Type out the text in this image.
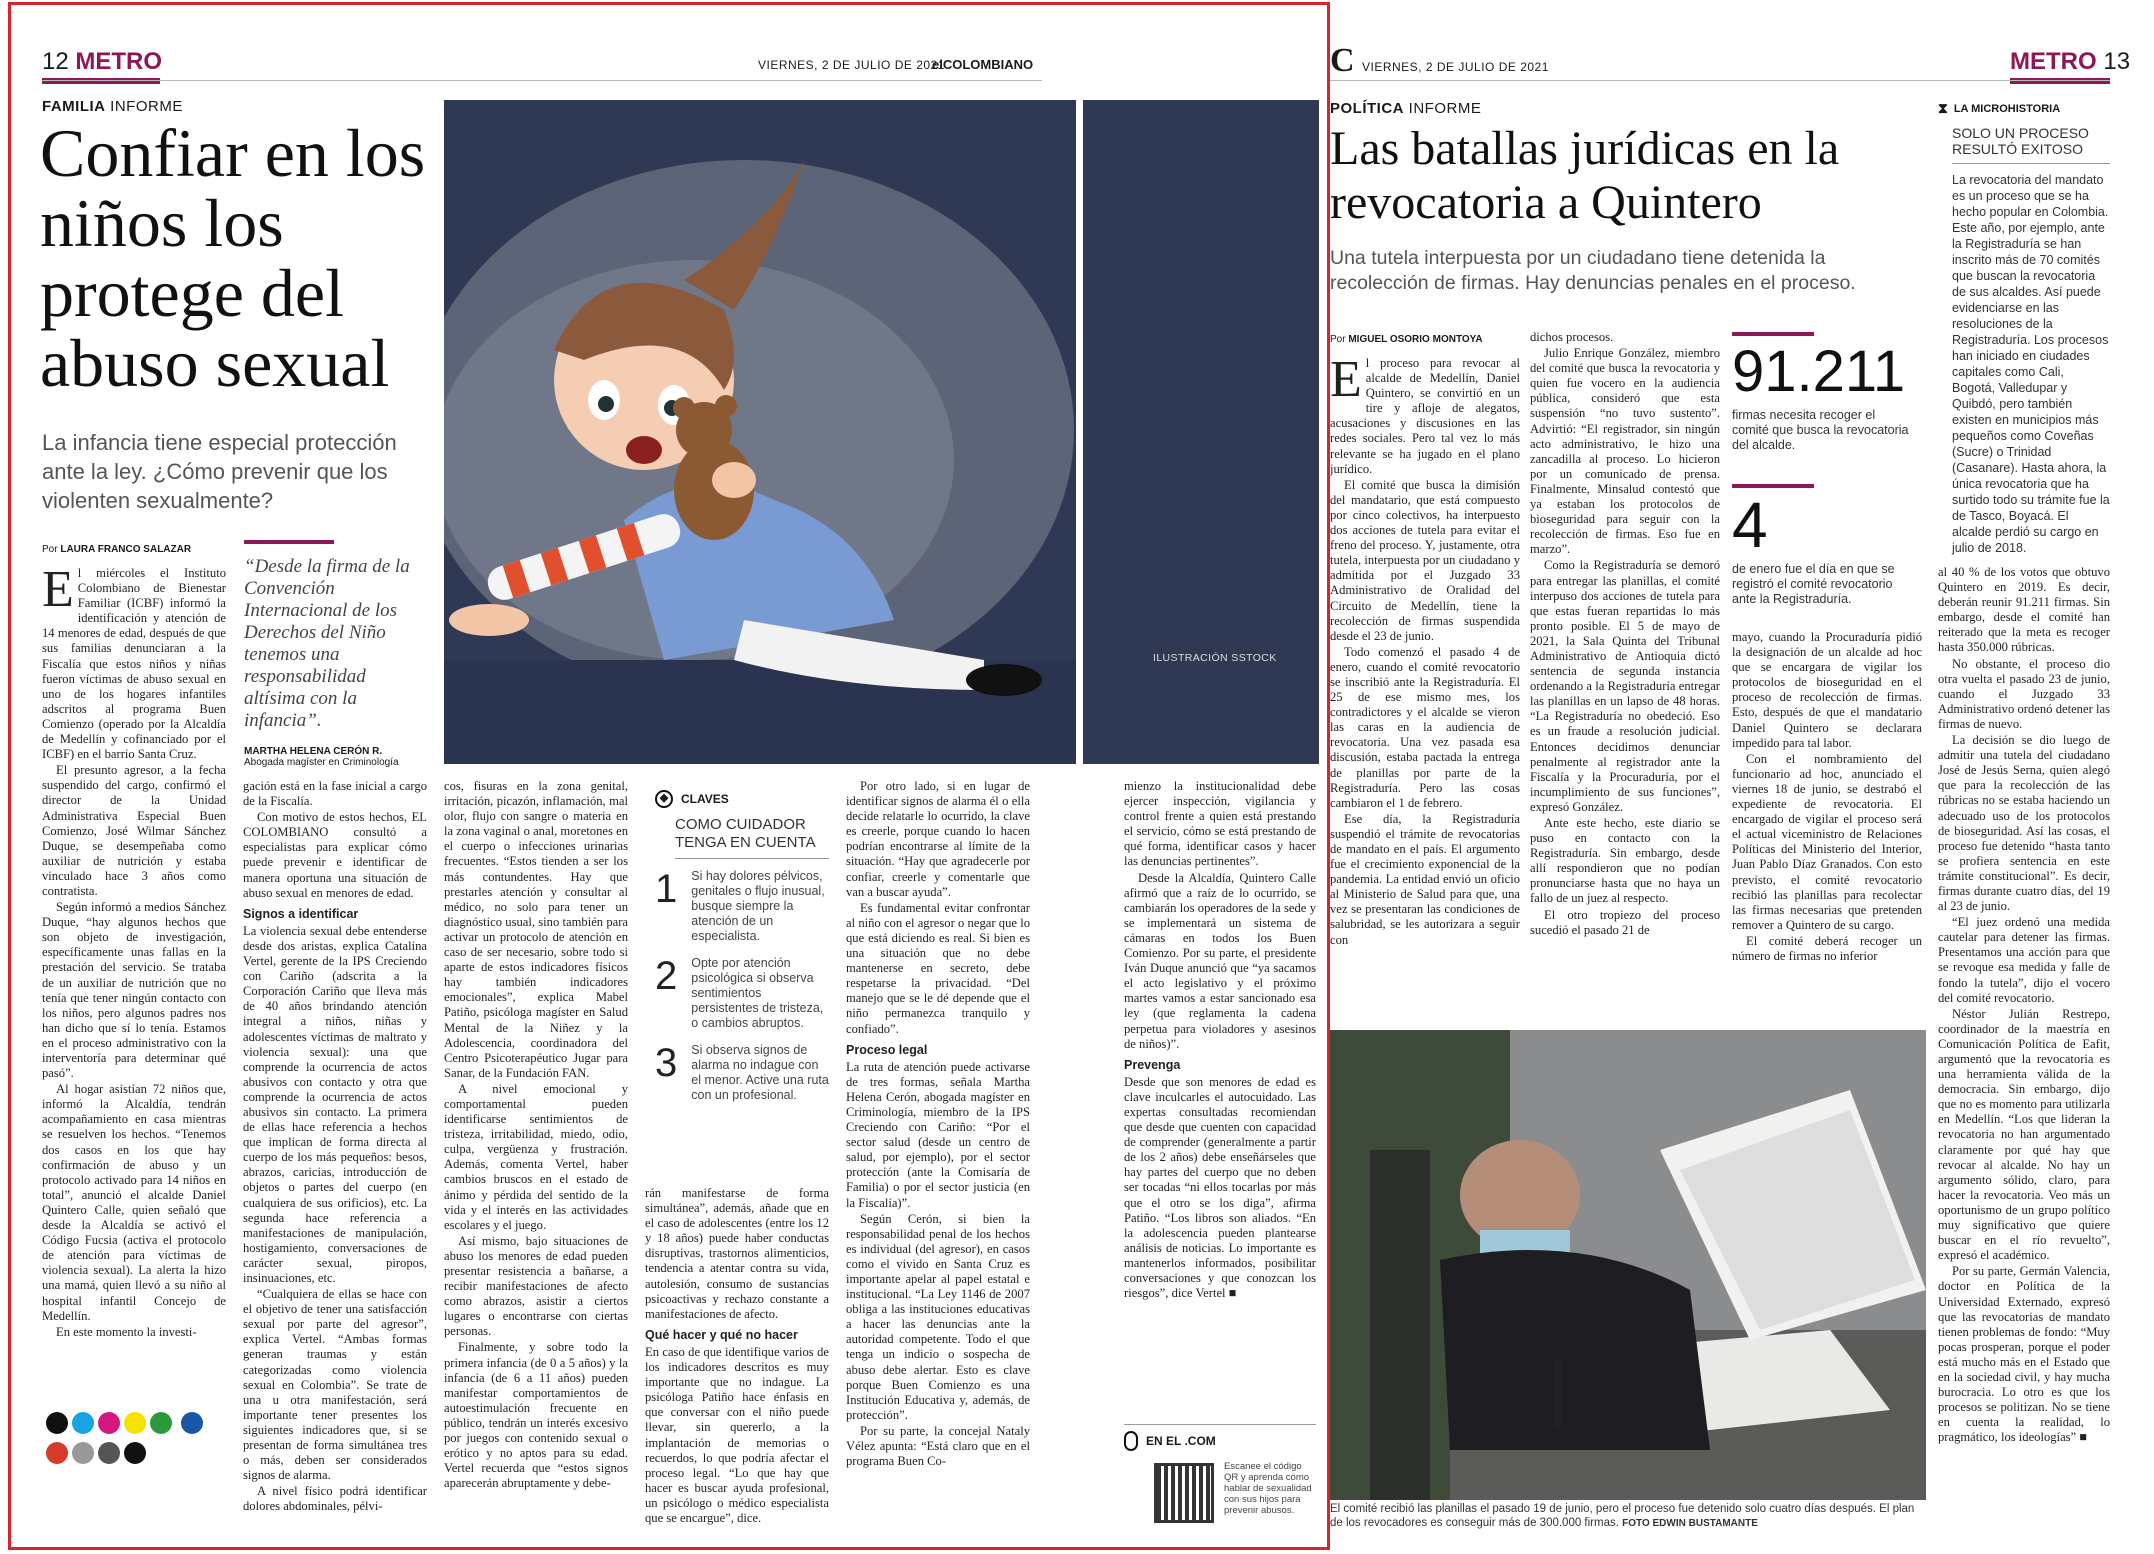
12 METRO	VIERNES, 2 DE JULIO DE 2021
elCOLOMBIANO
FAMILIA INFORME
Confiar en los niños los protege del abuso sexual
La infancia tiene especial protección ante la ley. ¿Cómo prevenir que los violenten sexualmente?
Por LAURA FRANCO SALAZAR
“Desde la firma de la Convención Internacional de los Derechos del Niño tenemos una responsabilidad altísima con la infancia”.
MARTHA HELENA CERÓN R.
Abogada magíster en Criminología
ILUSTRACIÓN SSTOCK

El miércoles el Instituto Colombiano de Bienestar Familiar (ICBF) informó la identificación y atención de 14 menores de edad, después de que sus familias denunciaran a la Fiscalía que estos niños y niñas fueron víctimas de abuso sexual en uno de los hogares infantiles adscritos al programa Buen Comienzo (operado por la Alcaldía de Medellín y cofinanciado por el ICBF) en el barrio Santa Cruz.

El presunto agresor, a la fecha suspendido del cargo, confirmó el director de la Unidad Administrativa Especial Buen Comienzo, José Wilmar Sánchez Duque, se desempeñaba como auxiliar de nutrición y estaba vinculado hace 3 años como contratista.

Según informó a medios Sánchez Duque, “hay algunos hechos que son objeto de investigación, específicamente unas fallas en la prestación del servicio. Se trataba de un auxiliar de nutrición que no tenía que tener ningún contacto con los niños, pero algunos padres nos han dicho que sí lo tenía. Estamos en el proceso administrativo con la interventoría para determinar qué pasó”.

Al hogar asistían 72 niños que, informó la Alcaldía, tendrán acompañamiento en casa mientras se resuelven los hechos. “Tenemos dos casos en los que hay confirmación de abuso y un protocolo activado para 14 niños en total”, anunció el alcalde Daniel Quintero Calle, quien señaló que desde la Alcaldía se activó el Código Fucsia (activa el protocolo de atención para víctimas de violencia sexual). La alerta la hizo una mamá, quien llevó a su niño al hospital infantil Concejo de Medellín.

En este momento la investi-

gación está en la fase inicial a cargo de la Fiscalía.

Con motivo de estos hechos, EL COLOMBIANO consultó a especialistas para explicar cómo puede prevenir e identificar de manera oportuna una situación de abuso sexual en menores de edad.

Signos a identificar

La violencia sexual debe entenderse desde dos aristas, explica Catalina Vertel, gerente de la IPS Creciendo con Cariño (adscrita a la Corporación Cariño que lleva más de 40 años brindando atención integral a niños, niñas y adolescentes víctimas de maltrato y violencia sexual): una que comprende la ocurrencia de actos abusivos con contacto y otra que comprende la ocurrencia de actos abusivos sin contacto. La primera de ellas hace referencia a hechos que implican de forma directa al cuerpo de los más pequeños: besos, abrazos, caricias, introducción de objetos o partes del cuerpo (en cualquiera de sus orificios), etc. La segunda hace referencia a manifestaciones de manipulación, hostigamiento, conversaciones de carácter sexual, piropos, insinuaciones, etc.

“Cualquiera de ellas se hace con el objetivo de tener una satisfacción sexual por parte del agresor”, explica Vertel. “Ambas formas generan traumas y están categorizadas como violencia sexual en Colombia”. Se trate de una u otra manifestación, será importante tener presentes los siguientes indicadores que, si se presentan de forma simultánea tres o más, deben ser considerados signos de alarma.

A nivel físico podrá identificar dolores abdominales, pélvi-

cos, fisuras en la zona genital, irritación, picazón, inflamación, mal olor, flujo con sangre o materia en la zona vaginal o anal, moretones en el cuerpo o infecciones urinarias frecuentes. “Estos tienden a ser los más contundentes. Hay que prestarles atención y consultar al médico, no solo para tener un diagnóstico usual, sino también para activar un protocolo de atención en caso de ser necesario, sobre todo si aparte de estos indicadores físicos hay también indicadores emocionales”, explica Mabel Patiño, psicóloga magíster en Salud Mental de la Niñez y la Adolescencia, coordinadora del Centro Psicoterapéutico Jugar para Sanar, de la Fundación FAN.

A nivel emocional y comportamental pueden identificarse sentimientos de tristeza, irritabilidad, miedo, odio, culpa, vergüenza y frustración. Además, comenta Vertel, haber cambios bruscos en el estado de ánimo y pérdida del sentido de la vida y el interés en las actividades escolares y el juego.

Así mismo, bajo situaciones de abuso los menores de edad pueden presentar resistencia a bañarse, a recibir manifestaciones de afecto como abrazos, asistir a ciertos lugares o encontrarse con ciertas personas.

Finalmente, y sobre todo la primera infancia (de 0 a 5 años) y la infancia (de 6 a 11 años) pueden manifestar comportamientos de autoestimulación frecuente en público, tendrán un interés excesivo por juegos con contenido sexual o erótico y no aptos para su edad. Vertel recuerda que “estos signos aparecerán abruptamente y debe-

◆	CLAVES
COMO CUIDADOR TENGA EN CUENTA
1 Si hay dolores pélvicos, genitales o flujo inusual, busque siempre la atención de un especialista.
2 Opte por atención psicológica si observa sentimientos persistentes de tristeza, o cambios abruptos.
3 Si observa signos de alarma no indague con el menor. Active una ruta con un profesional.

rán manifestarse de forma simultánea”, además, añade que en el caso de adolescentes (entre los 12 y 18 años) puede haber conductas disruptivas, trastornos alimenticios, tendencia a atentar contra su vida, autolesión, consumo de sustancias psicoactivas y rechazo constante a manifestaciones de afecto.

Qué hacer y qué no hacer

En caso de que identifique varios de los indicadores descritos es muy importante que no indague. La psicóloga Patiño hace énfasis en que conversar con el niño puede llevar, sin quererlo, a la implantación de memorias o recuerdos, lo que podría afectar el proceso legal. “Lo que hay que hacer es buscar ayuda profesional, un psicólogo o médico especialista que se encargue”, dice.

Por otro lado, si en lugar de identificar signos de alarma él o ella decide relatarle lo ocurrido, la clave es creerle, porque cuando lo hacen podrían encontrarse al límite de la situación. “Hay que agradecerle por confiar, creerle y comentarle que van a buscar ayuda”.

Es fundamental evitar confrontar al niño con el agresor o negar que lo que está diciendo es real. Si bien es una situación que no debe mantenerse en secreto, debe respetarse la privacidad. “Del manejo que se le dé depende que el niño permanezca tranquilo y confiado”.

Proceso legal

La ruta de atención puede activarse de tres formas, señala Martha Helena Cerón, abogada magíster en Criminología, miembro de la IPS Creciendo con Cariño: “Por el sector salud (desde un centro de salud, por ejemplo), por el sector protección (ante la Comisaría de Familia) o por el sector justicia (en la Fiscalía)”.

Según Cerón, si bien la responsabilidad penal de los hechos es individual (del agresor), en casos como el vivido en Santa Cruz es importante apelar al papel estatal e institucional. “La Ley 1146 de 2007 obliga a las instituciones educativas a hacer las denuncias ante la autoridad competente. Todo el que tenga un indicio o sospecha de abuso debe alertar. Esto es clave porque Buen Comienzo es una Institución Educativa y, además, de protección”.

Por su parte, la concejal Nataly Vélez apunta: “Está claro que en el programa Buen Co-

mienzo la institucionalidad debe ejercer inspección, vigilancia y control frente a quien está prestando el servicio, cómo se está prestando de qué forma, identificar casos y hacer las denuncias pertinentes”.

Desde la Alcaldía, Quintero Calle afirmó que a raíz de lo ocurrido, se cambiarán los operadores de la sede y se implementará un sistema de cámaras en todos los Buen Comienzo. Por su parte, el presidente Iván Duque anunció que “ya sacamos el acto legislativo y el próximo martes vamos a estar sancionado esa ley (que reglamenta la cadena perpetua para violadores y asesinos de niños)”.

Prevenga

Desde que son menores de edad es clave inculcarles el autocuidado. Las expertas consultadas recomiendan que desde que cuenten con capacidad de comprender (generalmente a partir de los 2 años) debe enseñárseles que hay partes del cuerpo que no deben ser tocadas “ni ellos tocarlas por más que el otro se los diga”, afirma Patiño. “Los libros son aliados. “En la adolescencia pueden plantearse análisis de noticias. Lo importante es mantenerlos informados, posibilitar conversaciones y que conozcan los riesgos”, dice Vertel ■

EN EL .COM
Escanee el código QR y aprenda cómo hablar de sexualidad con sus hijos para prevenir abusos.
C VIERNES, 2 DE JULIO DE 2021	METRO 13
POLÍTICA INFORME
Las batallas jurídicas en la revocatoria a Quintero
Una tutela interpuesta por un ciudadano tiene detenida la recolección de firmas. Hay denuncias penales en el proceso.
Por MIGUEL OSORIO MONTOYA

El proceso para revocar al alcalde de Medellín, Daniel Quintero, se convirtió en un tire y afloje de alegatos, acusaciones y discusiones en las redes sociales. Pero tal vez lo más relevante se ha jugado en el plano jurídico.

El comité que busca la dimisión del mandatario, que está compuesto por cinco colectivos, ha interpuesto dos acciones de tutela para evitar el freno del proceso. Y, justamente, otra tutela, interpuesta por un ciudadano y admitida por el Juzgado 33 Administrativo de Oralidad del Circuito de Medellín, tiene la recolección de firmas suspendida desde el 23 de junio.

Todo comenzó el pasado 4 de enero, cuando el comité revocatorio se inscribió ante la Registraduría. El 25 de ese mismo mes, los contradictores y el alcalde se vieron las caras en la audiencia de revocatoria. Una vez pasada esa discusión, estaba pactada la entrega de planillas por parte de la Registraduría. Pero las cosas cambiaron el 1 de febrero.

Ese día, la Registraduría suspendió el trámite de revocatorias de mandato en el país. El argumento fue el crecimiento exponencial de la pandemia. La entidad envió un oficio al Ministerio de Salud para que, una vez se presentaran las condiciones de salubridad, se les autorizara a seguir con

dichos procesos.

Julio Enrique González, miembro del comité que busca la revocatoria y quien fue vocero en la audiencia pública, consideró que esta suspensión “no tuvo sustento”. Advirtió: “El registrador, sin ningún acto administrativo, le hizo una zancadilla al proceso. Lo hicieron por un comunicado de prensa. Finalmente, Minsalud contestó que ya estaban los protocolos de bioseguridad para seguir con la recolección de firmas. Eso fue en marzo”.

Como la Registraduría se demoró para entregar las planillas, el comité interpuso dos acciones de tutela para que estas fueran repartidas lo más pronto posible. El 5 de mayo de 2021, la Sala Quinta del Tribunal Administrativo de Antioquia dictó sentencia de segunda instancia ordenando a la Registraduría entregar las planillas en un lapso de 48 horas. “La Registraduría no obedeció. Eso es un fraude a resolución judicial. Entonces decidimos denunciar penalmente al registrador ante la Fiscalía y la Procuraduría, por el incumplimiento de sus funciones”, expresó González.

Ante este hecho, este diario se puso en contacto con la Registraduría. Sin embargo, desde allí respondieron que no podían pronunciarse hasta que no haya un fallo de un juez al respecto.

El otro tropiezo del proceso sucedió el pasado 21 de

91.211
firmas necesita recoger el comité que busca la revocatoria del alcalde.
4
de enero fue el día en que se registró el comité revocatorio ante la Registraduría.

mayo, cuando la Procuraduría pidió la designación de un alcalde ad hoc que se encargara de vigilar los protocolos de bioseguridad en el proceso de recolección de firmas. Esto, después de que el mandatario Daniel Quintero se declarara impedido para tal labor.

Con el nombramiento del funcionario ad hoc, anunciado el viernes 18 de junio, se destrabó el expediente de revocatoria. El encargado de vigilar el proceso será el actual viceministro de Relaciones Políticas del Ministerio del Interior, Juan Pablo Díaz Granados. Con esto previsto, el comité revocatorio recibió las planillas para recolectar las firmas necesarias que pretenden remover a Quintero de su cargo.

El comité deberá recoger un número de firmas no inferior

⧗ LA MICROHISTORIA
SOLO UN PROCESO RESULTÓ EXITOSO
La revocatoria del mandato es un proceso que se ha hecho popular en Colombia. Este año, por ejemplo, ante la Registraduría se han inscrito más de 70 comités que buscan la revocatoria de sus alcaldes. Así puede evidenciarse en las resoluciones de la Registraduría. Los procesos han iniciado en ciudades capitales como Cali, Bogotá, Valledupar y Quibdó, pero también existen en municipios más pequeños como Coveñas (Sucre) o Trinidad (Casanare). Hasta ahora, la única revocatoria que ha surtido todo su trámite fue la de Tasco, Boyacá. El alcalde perdió su cargo en julio de 2018.

al 40 % de los votos que obtuvo Quintero en 2019. Es decir, deberán reunir 91.211 firmas. Sin embargo, desde el comité han reiterado que la meta es recoger hasta 350.000 rúbricas.

No obstante, el proceso dio otra vuelta el pasado 23 de junio, cuando el Juzgado 33 Administrativo ordenó detener las firmas de nuevo.

La decisión se dio luego de admitir una tutela del ciudadano José de Jesús Serna, quien alegó que para la recolección de las rúbricas no se estaba haciendo un adecuado uso de los protocolos de bioseguridad. Así las cosas, el proceso fue detenido “hasta tanto se profiera sentencia en este trámite constitucional”. Es decir, firmas durante cuatro días, del 19 al 23 de junio.

“El juez ordenó una medida cautelar para detener las firmas. Presentamos una acción para que se revoque esa medida y falle de fondo la tutela”, dijo el vocero del comité revocatorio.

Néstor Julián Restrepo, coordinador de la maestría en Comunicación Política de Eafit, argumentó que la revocatoria es una herramienta válida de la democracia. Sin embargo, dijo que no es momento para utilizarla en Medellín. “Los que lideran la revocatoria no han argumentado claramente por qué hay que revocar al alcalde. No hay un argumento sólido, claro, para hacer la revocatoria. Veo más un oportunismo de un grupo político muy significativo que quiere buscar en el río revuelto”, expresó el académico.

Por su parte, Germán Valencia, doctor en Política de la Universidad Externado, expresó que las revocatorias de mandato tienen problemas de fondo: “Muy pocas prosperan, porque el poder está mucho más en el Estado que en la sociedad civil, y hay mucha burocracia. Lo otro es que los procesos se politizan. No se tiene en cuenta la realidad, lo pragmático, los ideologías” ■

El comité recibió las planillas el pasado 19 de junio, pero el proceso fue detenido solo cuatro días después. El plan de los revocadores es conseguir más de 300.000 firmas. FOTO EDWIN BUSTAMANTE
